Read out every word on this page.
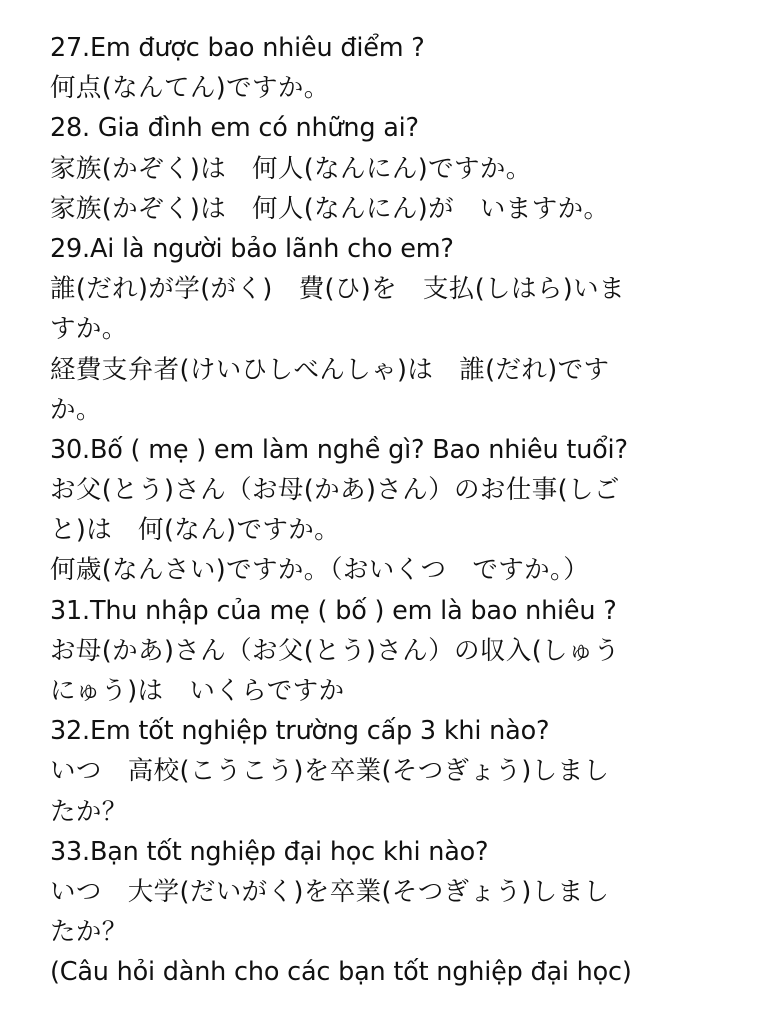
27.Em được bao nhiêu điểm ?
何点(なんてん)ですか。
28. Gia đình em có những ai?
家族(かぞく)は　何人(なんにん)ですか。
家族(かぞく)は　何人(なんにん)が　いますか。
29.Ai là người bảo lãnh cho em?
誰(だれ)が学(がく)　費(ひ)を　支払(しはら)いま
すか。
経費支弁者(けいひしべんしゃ)は　誰(だれ)です
か。
30.Bố ( mẹ ) em làm nghề gì? Bao nhiêu tuổi?
お父(とう)さん（お母(かあ)さん）のお仕事(しご
と)は　何(なん)ですか。
何歳(なんさい)ですか。（おいくつ　ですか。）
31.Thu nhập của mẹ ( bố ) em là bao nhiêu ?
お母(かあ)さん（お父(とう)さん）の収入(しゅう
にゅう)は　いくらですか
32.Em tốt nghiệp trường cấp 3 khi nào?
いつ　高校(こうこう)を卒業(そつぎょう)しまし
たか？
33.Bạn tốt nghiệp đại học khi nào?
いつ　大学(だいがく)を卒業(そつぎょう)しまし
たか？
(Câu hỏi dành cho các bạn tốt nghiệp đại học)
